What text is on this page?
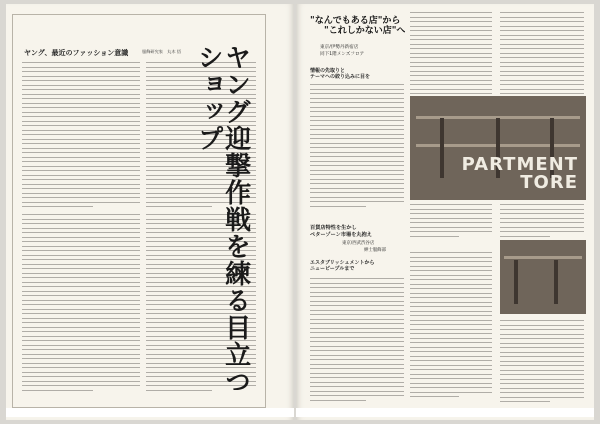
ヤング、最近のファッション意識	服飾研究家　丸木 悟	ヤング迎撃作戦を練る目立つショップ
"なんでもある店"から
"これしかない店"へ
東京/伊勢丹新宿店
同下1階メンズフロア
情報の先取りと
テーマへの絞り込みに目を
PARTMENT
TORE
百貨店特性を生かし
ペターゾーン市場を丸抱え
東京/西武渋谷店
紳士服飾部
エスタブリッシュメントから
ニューピープルまで
